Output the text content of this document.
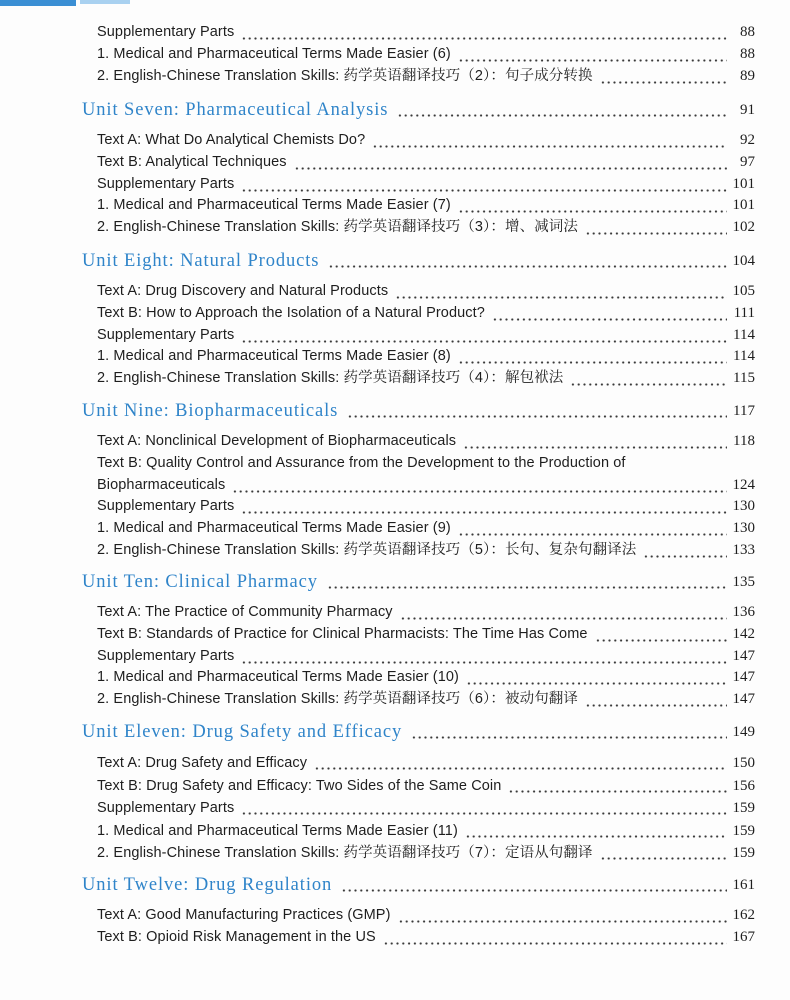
Supplementary Parts	88
1. Medical and Pharmaceutical Terms Made Easier (6)	88
2. English-Chinese Translation Skills: 药学英语翻译技巧（2）：句子成分转换	89
Unit Seven: Pharmaceutical Analysis	91
Text A: What Do Analytical Chemists Do?	92
Text B: Analytical Techniques	97
Supplementary Parts	101
1. Medical and Pharmaceutical Terms Made Easier (7)	101
2. English-Chinese Translation Skills: 药学英语翻译技巧（3）：增、减词法	102
Unit Eight: Natural Products	104
Text A: Drug Discovery and Natural Products	105
Text B: How to Approach the Isolation of a Natural Product?	111
Supplementary Parts	114
1. Medical and Pharmaceutical Terms Made Easier (8)	114
2. English-Chinese Translation Skills: 药学英语翻译技巧（4）：解包袱法	115
Unit Nine: Biopharmaceuticals	117
Text A: Nonclinical Development of Biopharmaceuticals	118
Text B: Quality Control and Assurance from the Development to the Production of
Biopharmaceuticals	124
Supplementary Parts	130
1. Medical and Pharmaceutical Terms Made Easier (9)	130
2. English-Chinese Translation Skills: 药学英语翻译技巧（5）：长句、复杂句翻译法	133
Unit Ten: Clinical Pharmacy	135
Text A: The Practice of Community Pharmacy	136
Text B: Standards of Practice for Clinical Pharmacists: The Time Has Come	142
Supplementary Parts	147
1. Medical and Pharmaceutical Terms Made Easier (10)	147
2. English-Chinese Translation Skills: 药学英语翻译技巧（6）：被动句翻译	147
Unit Eleven: Drug Safety and Efficacy	149
Text A: Drug Safety and Efficacy	150
Text B: Drug Safety and Efficacy: Two Sides of the Same Coin	156
Supplementary Parts	159
1. Medical and Pharmaceutical Terms Made Easier (11)	159
2. English-Chinese Translation Skills: 药学英语翻译技巧（7）：定语从句翻译	159
Unit Twelve: Drug Regulation	161
Text A: Good Manufacturing Practices (GMP)	162
Text B: Opioid Risk Management in the US	167
